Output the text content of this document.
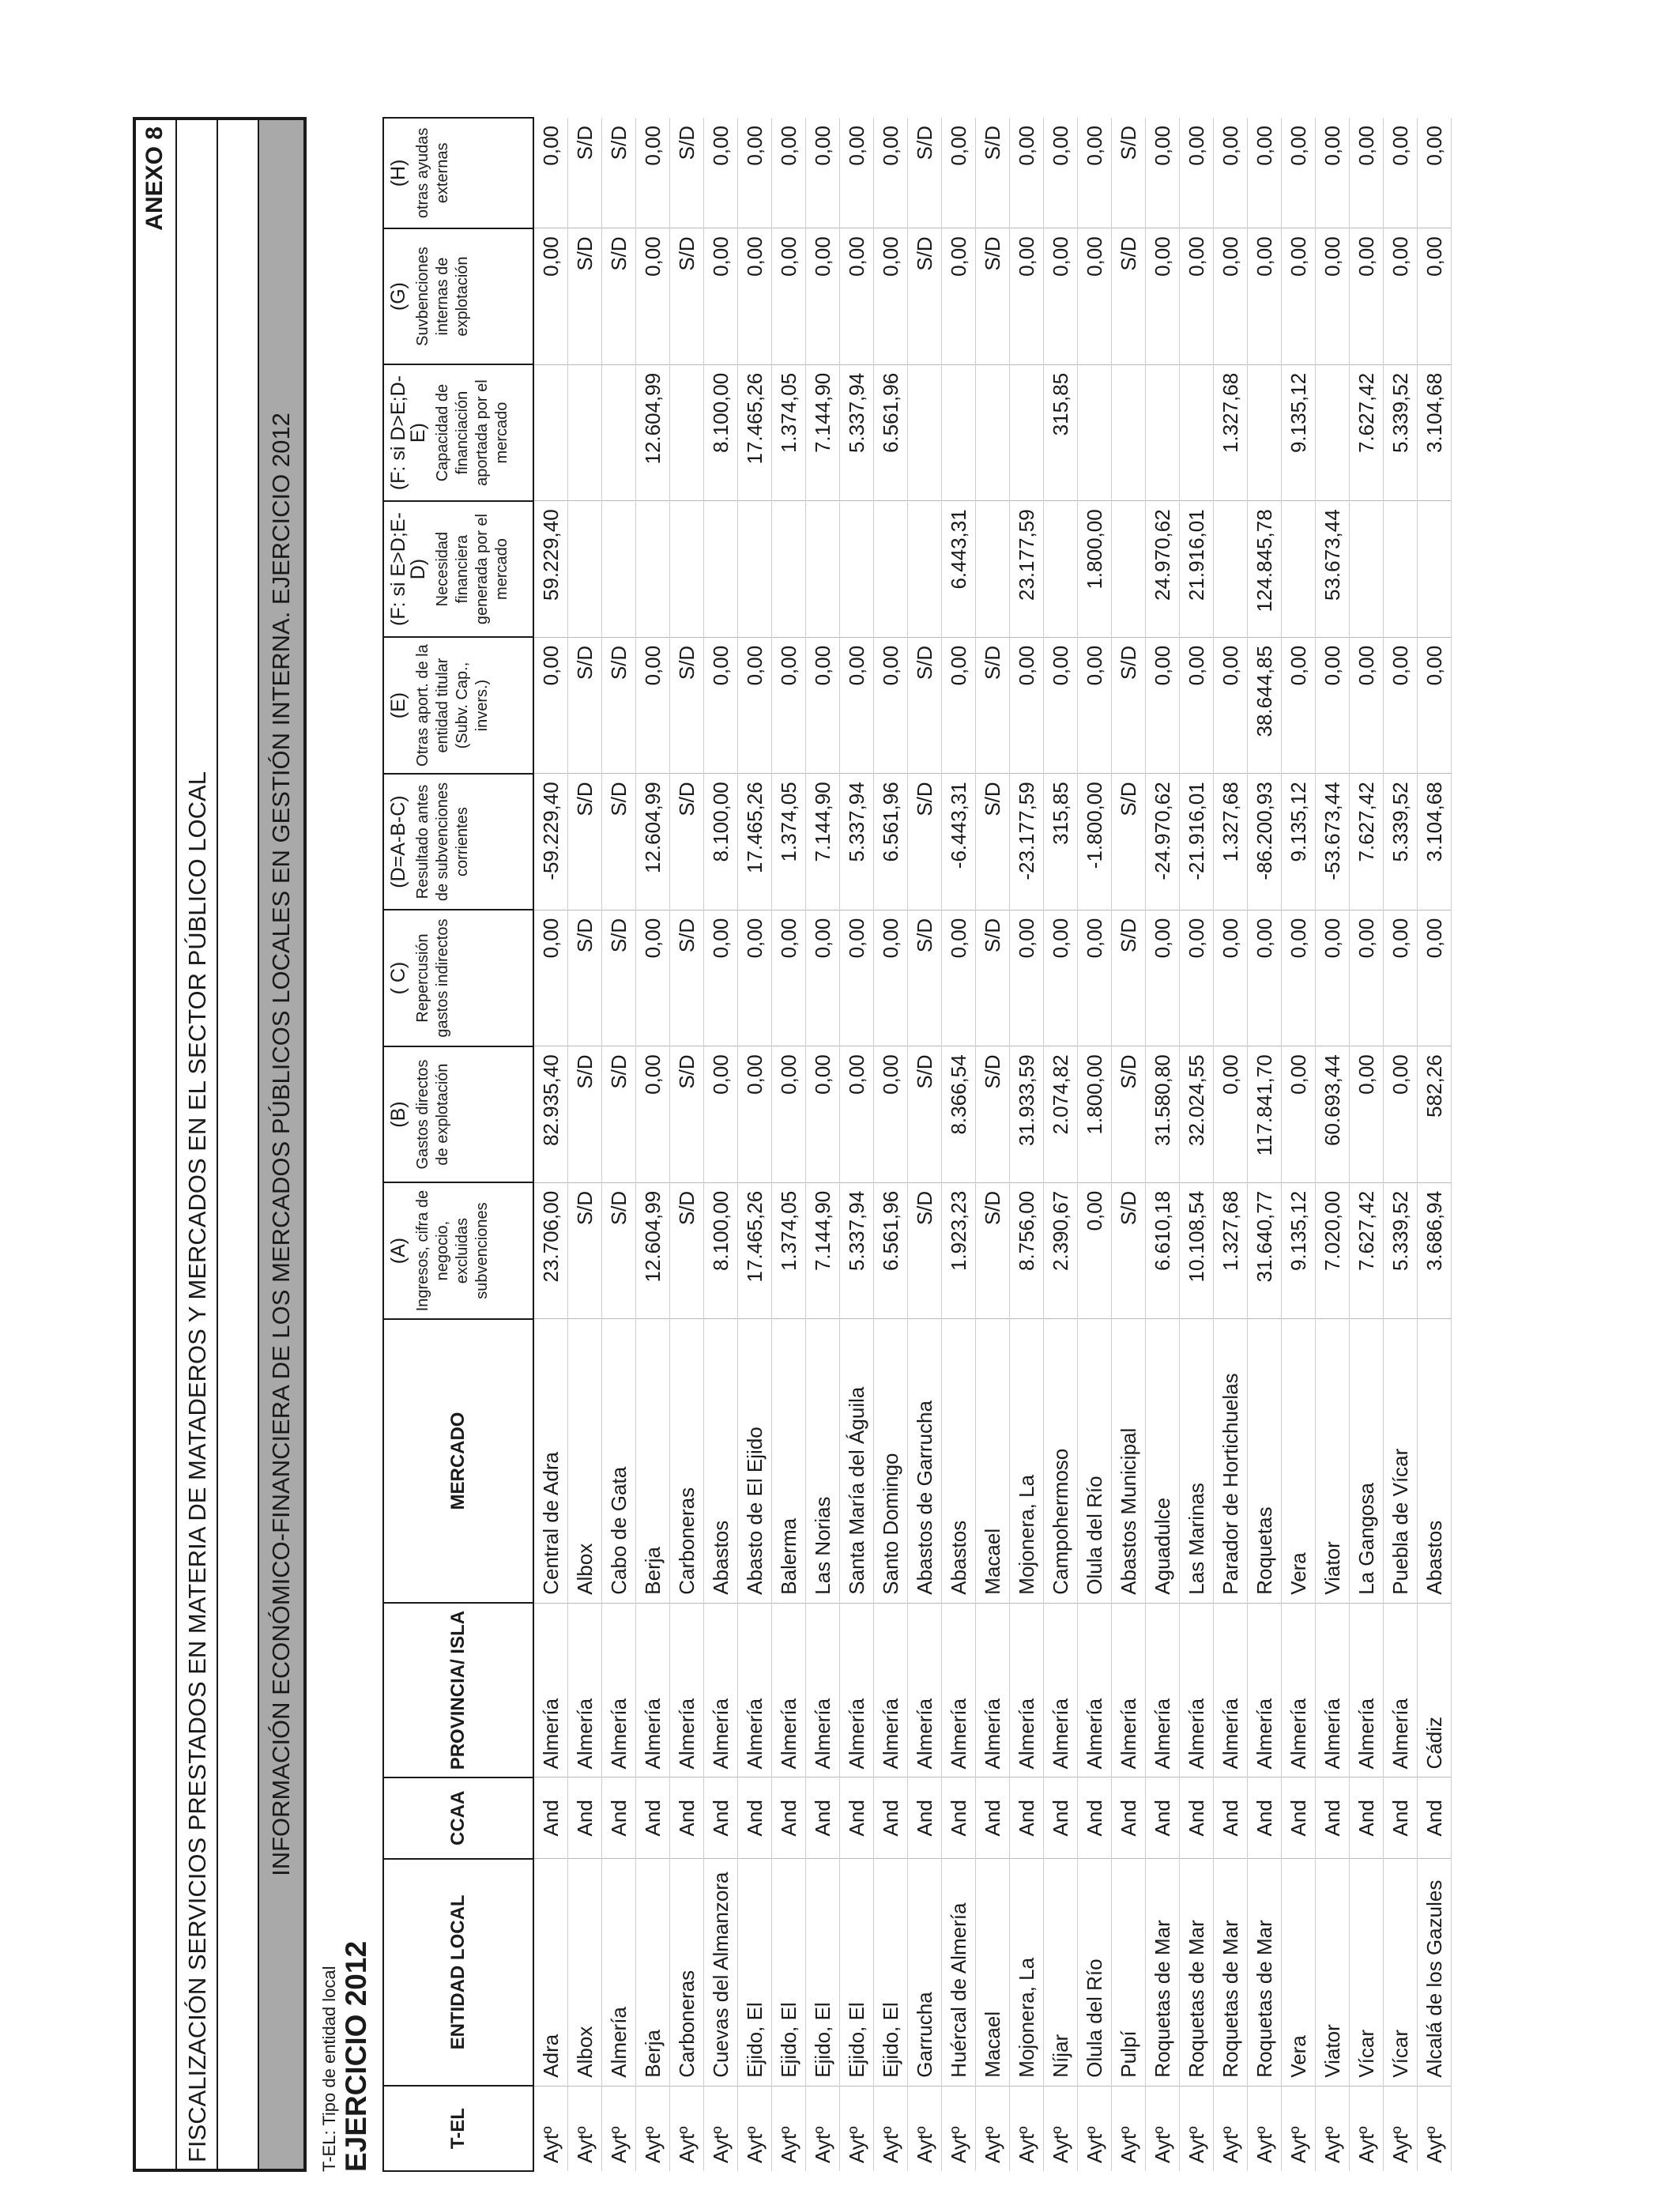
ANEXO 8
FISCALIZACIÓN SERVICIOS PRESTADOS EN MATERIA DE MATADEROS Y MERCADOS EN EL SECTOR PÚBLICO LOCAL INFORMACIÓN ECONÓMICO-FINANCIERA DE LOS MERCADOS PÚBLICOS LOCALES EN GESTIÓN INTERNA. EJERCICIO 2012
T-EL: Tipo de entidad local EJERCICIO 2012	T-EL	ENTIDAD LOCAL	CCAA	PROVINCIA/ ISLA	MERCADO	(A) Ingresos, cifra de negocio, excluidas subvenciones	(B) Gastos directos de explotación	( C) Repercusión gastos indirectos	(D=A-B-C) Resultado antes de subvenciones corrientes	(E) Otras aport. de la entidad titular (Subv. Cap., invers.)	(F: si E>D;E-D) Necesidad financiera generada por el mercado	(F: si D>E;D-E) Capacidad de financiación aportada por el mercado	(G) Suvbenciones internas de explotación	(H) otras ayudas externas

Aytº	Adra	And	Almería	Central de Adra	23.706,00	82.935,40	0,00	-59.229,40	0,00	59.229,40		0,00	0,00
Aytº	Albox	And	Almería	Albox	S/D	S/D	S/D	S/D	S/D			S/D	S/D
Aytº	Almería	And	Almería	Cabo de Gata	S/D	S/D	S/D	S/D	S/D			S/D	S/D
Aytº	Berja	And	Almería	Berja	12.604,99	0,00	0,00	12.604,99	0,00		12.604,99	0,00	0,00
Aytº	Carboneras	And	Almería	Carboneras	S/D	S/D	S/D	S/D	S/D			S/D	S/D
Aytº	Cuevas del Almanzora	And	Almería	Abastos	8.100,00	0,00	0,00	8.100,00	0,00		8.100,00	0,00	0,00
Aytº	Ejido, El	And	Almería	Abasto de El Ejido	17.465,26	0,00	0,00	17.465,26	0,00		17.465,26	0,00	0,00
Aytº	Ejido, El	And	Almería	Balerma	1.374,05	0,00	0,00	1.374,05	0,00		1.374,05	0,00	0,00
Aytº	Ejido, El	And	Almería	Las Norias	7.144,90	0,00	0,00	7.144,90	0,00		7.144,90	0,00	0,00
Aytº	Ejido, El	And	Almería	Santa María del Águila	5.337,94	0,00	0,00	5.337,94	0,00		5.337,94	0,00	0,00
Aytº	Ejido, El	And	Almería	Santo Domingo	6.561,96	0,00	0,00	6.561,96	0,00		6.561,96	0,00	0,00
Aytº	Garrucha	And	Almería	Abastos de Garrucha	S/D	S/D	S/D	S/D	S/D			S/D	S/D
Aytº	Huércal de Almería	And	Almería	Abastos	1.923,23	8.366,54	0,00	-6.443,31	0,00	6.443,31		0,00	0,00
Aytº	Macael	And	Almería	Macael	S/D	S/D	S/D	S/D	S/D			S/D	S/D
Aytº	Mojonera, La	And	Almería	Mojonera, La	8.756,00	31.933,59	0,00	-23.177,59	0,00	23.177,59		0,00	0,00
Aytº	Níjar	And	Almería	Campohermoso	2.390,67	2.074,82	0,00	315,85	0,00		315,85	0,00	0,00
Aytº	Olula del Río	And	Almería	Olula del Río	0,00	1.800,00	0,00	-1.800,00	0,00	1.800,00		0,00	0,00
Aytº	Pulpí	And	Almería	Abastos Municipal	S/D	S/D	S/D	S/D	S/D			S/D	S/D
Aytº	Roquetas de Mar	And	Almería	Aguadulce	6.610,18	31.580,80	0,00	-24.970,62	0,00	24.970,62		0,00	0,00
Aytº	Roquetas de Mar	And	Almería	Las Marinas	10.108,54	32.024,55	0,00	-21.916,01	0,00	21.916,01		0,00	0,00
Aytº	Roquetas de Mar	And	Almería	Parador de Hortichuelas	1.327,68	0,00	0,00	1.327,68	0,00		1.327,68	0,00	0,00
Aytº	Roquetas de Mar	And	Almería	Roquetas	31.640,77	117.841,70	0,00	-86.200,93	38.644,85	124.845,78		0,00	0,00
Aytº	Vera	And	Almería	Vera	9.135,12	0,00	0,00	9.135,12	0,00		9.135,12	0,00	0,00
Aytº	Viator	And	Almería	Viator	7.020,00	60.693,44	0,00	-53.673,44	0,00	53.673,44		0,00	0,00
Aytº	Vícar	And	Almería	La Gangosa	7.627,42	0,00	0,00	7.627,42	0,00		7.627,42	0,00	0,00
Aytº	Vícar	And	Almería	Puebla de Vícar	5.339,52	0,00	0,00	5.339,52	0,00		5.339,52	0,00	0,00
Aytº	Alcalá de los Gazules	And	Cádiz	Abastos	3.686,94	582,26	0,00	3.104,68	0,00		3.104,68	0,00	0,00
